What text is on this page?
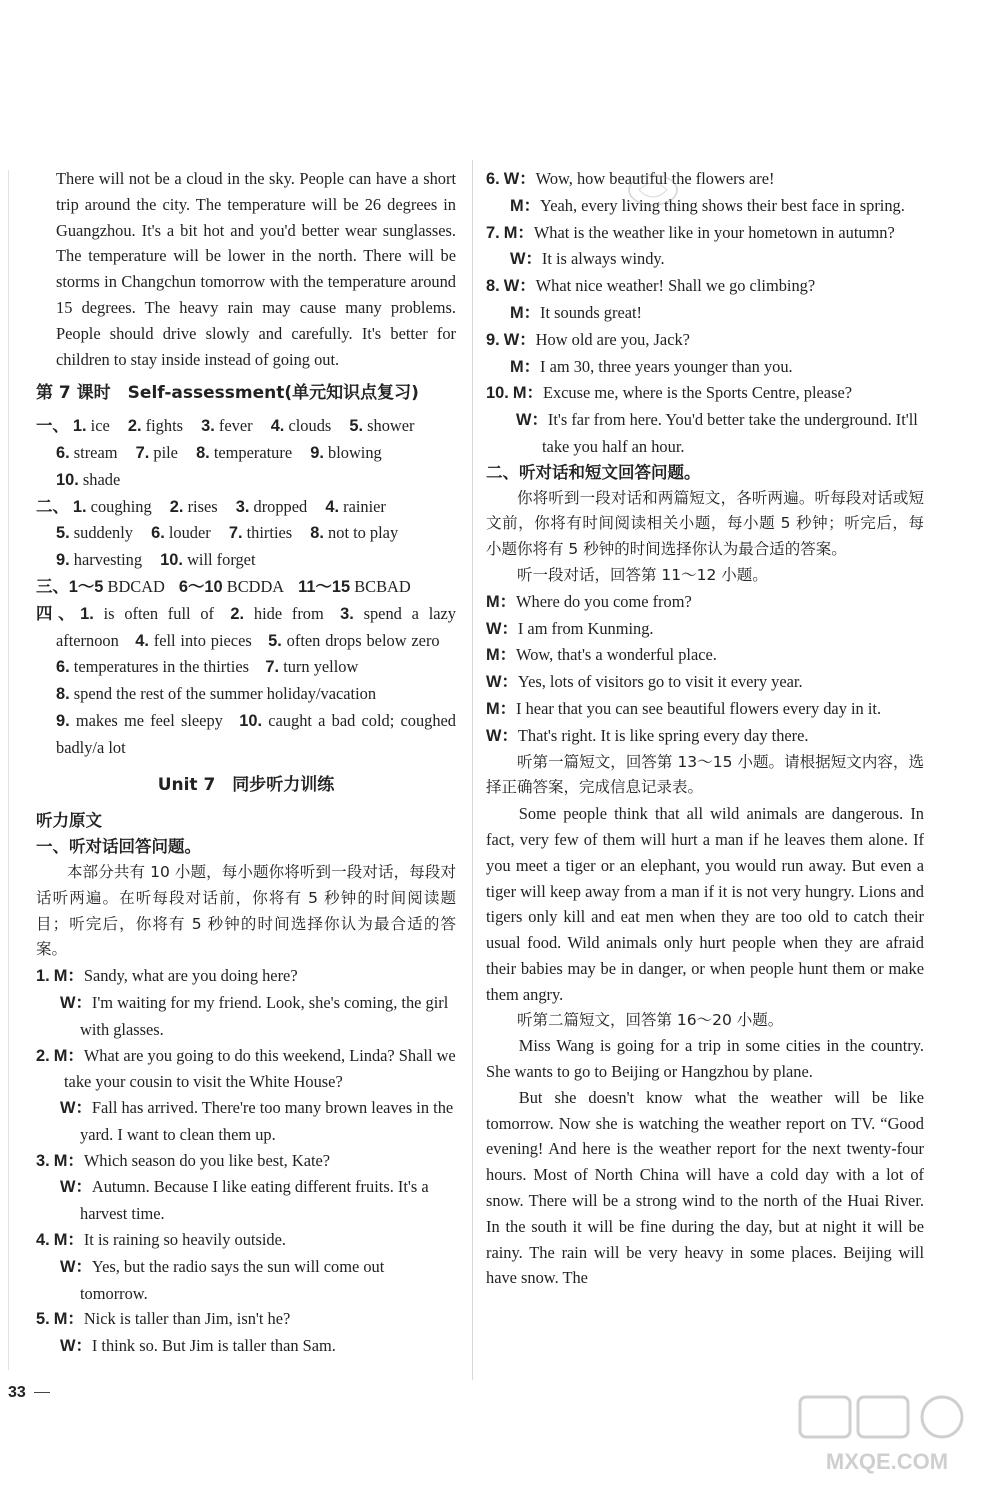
There will not be a cloud in the sky. People can have a short trip around the city. The temperature will be 26 degrees in Guangzhou. It's a bit hot and you'd better wear sunglasses. The temperature will be lower in the north. There will be storms in Changchun tomorrow with the temperature around 15 degrees. The heavy rain may cause many problems. People should drive slowly and carefully. It's better for children to stay inside instead of going out.

第 7 课时　Self-assessment(单元知识点复习)

一、 1. ice 2. fights 3. fever 4. clouds 5. shower
6. stream 7. pile 8. temperature 9. blowing
10. shade

二、 1. coughing 2. rises 3. dropped 4. rainier
5. suddenly 6. louder 7. thirties 8. not to play
9. harvesting 10. will forget

三、1～5 BDCAD 6～10 BCDDA 11～15 BCBAD

四、1. is often full of  2. hide from  3. spend a lazy afternoon  4. fell into pieces  5. often drops below zero 6. temperatures in the thirties  7. turn yellow
8. spend the rest of the summer holiday/vacation
9. makes me feel sleepy  10. caught a bad cold; coughed badly/a lot

Unit 7　同步听力训练

听力原文

一、听对话回答问题。

本部分共有 10 小题，每小题你将听到一段对话，每段对话听两遍。在听每段对话前，你将有 5 秒钟的时间阅读题目；听完后，你将有 5 秒钟的时间选择你认为最合适的答案。

1. M：Sandy, what are you doing here?

W：I'm waiting for my friend. Look, she's coming, the girl with glasses.

2. M：What are you going to do this weekend, Linda? Shall we take your cousin to visit the White House?

W：Fall has arrived. There're too many brown leaves in the yard. I want to clean them up.

3. M：Which season do you like best, Kate?

W：Autumn. Because I like eating different fruits. It's a harvest time.

4. M：It is raining so heavily outside.

W：Yes, but the radio says the sun will come out tomorrow.

5. M：Nick is taller than Jim, isn't he?

W：I think so. But Jim is taller than Sam.

6. W：Wow, how beautiful the flowers are!

M：Yeah, every living thing shows their best face in spring.

7. M：What is the weather like in your hometown in autumn?

W：It is always windy.

8. W：What nice weather! Shall we go climbing?

M：It sounds great!

9. W：How old are you, Jack?

M：I am 30, three years younger than you.

10. M：Excuse me, where is the Sports Centre, please?

W：It's far from here. You'd better take the underground. It'll take you half an hour.

二、听对话和短文回答问题。

你将听到一段对话和两篇短文，各听两遍。听每段对话或短文前，你将有时间阅读相关小题，每小题 5 秒钟；听完后，每小题你将有 5 秒钟的时间选择你认为最合适的答案。

听一段对话，回答第 11～12 小题。

M：Where do you come from?

W：I am from Kunming.

M：Wow, that's a wonderful place.

W：Yes, lots of visitors go to visit it every year.

M：I hear that you can see beautiful flowers every day in it.

W：That's right. It is like spring every day there.

听第一篇短文，回答第 13～15 小题。请根据短文内容，选择正确答案，完成信息记录表。

Some people think that all wild animals are dangerous. In fact, very few of them will hurt a man if he leaves them alone. If you meet a tiger or an elephant, you would run away. But even a tiger will keep away from a man if it is not very hungry. Lions and tigers only kill and eat men when they are too old to catch their usual food. Wild animals only hurt people when they are afraid their babies may be in danger, or when people hunt them or make them angry.

听第二篇短文，回答第 16～20 小题。

Miss Wang is going for a trip in some cities in the country. She wants to go to Beijing or Hangzhou by plane.

But she doesn't know what the weather will be like tomorrow. Now she is watching the weather report on TV. “Good evening! And here is the weather report for the next twenty-four hours. Most of North China will have a cold day with a lot of snow. There will be a strong wind to the north of the Huai River. In the south it will be fine during the day, but at night it will be rainy. The rain will be very heavy in some places. Beijing will have snow. The

33
MXQE.COM
